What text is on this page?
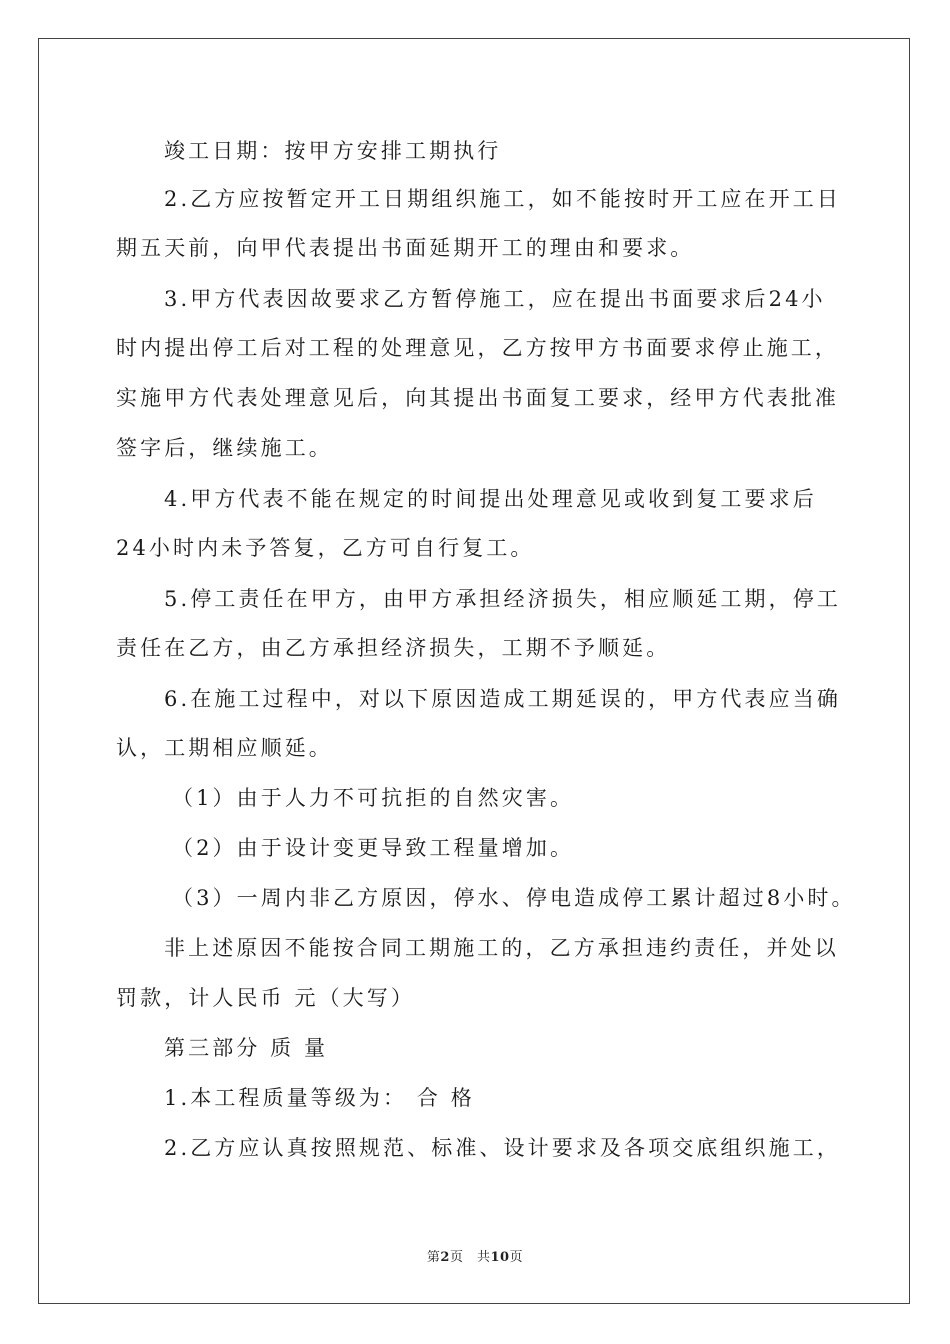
竣工日期：按甲方安排工期执行
2.乙方应按暂定开工日期组织施工，如不能按时开工应在开工日
期五天前，向甲代表提出书面延期开工的理由和要求。
3.甲方代表因故要求乙方暂停施工，应在提出书面要求后24小
时内提出停工后对工程的处理意见，乙方按甲方书面要求停止施工，
实施甲方代表处理意见后，向其提出书面复工要求，经甲方代表批准
签字后，继续施工。
4.甲方代表不能在规定的时间提出处理意见或收到复工要求后
24小时内未予答复，乙方可自行复工。
5.停工责任在甲方，由甲方承担经济损失，相应顺延工期，停工
责任在乙方，由乙方承担经济损失，工期不予顺延。
6.在施工过程中，对以下原因造成工期延误的，甲方代表应当确
认，工期相应顺延。
（1）由于人力不可抗拒的自然灾害。
（2）由于设计变更导致工程量增加。
（3）一周内非乙方原因，停水、停电造成停工累计超过8小时。
非上述原因不能按合同工期施工的，乙方承担违约责任，并处以
罚款，计人民币 元（大写）
第三部分 质 量
1.本工程质量等级为： 合 格
2.乙方应认真按照规范、标准、设计要求及各项交底组织施工，
第2页　共10页
